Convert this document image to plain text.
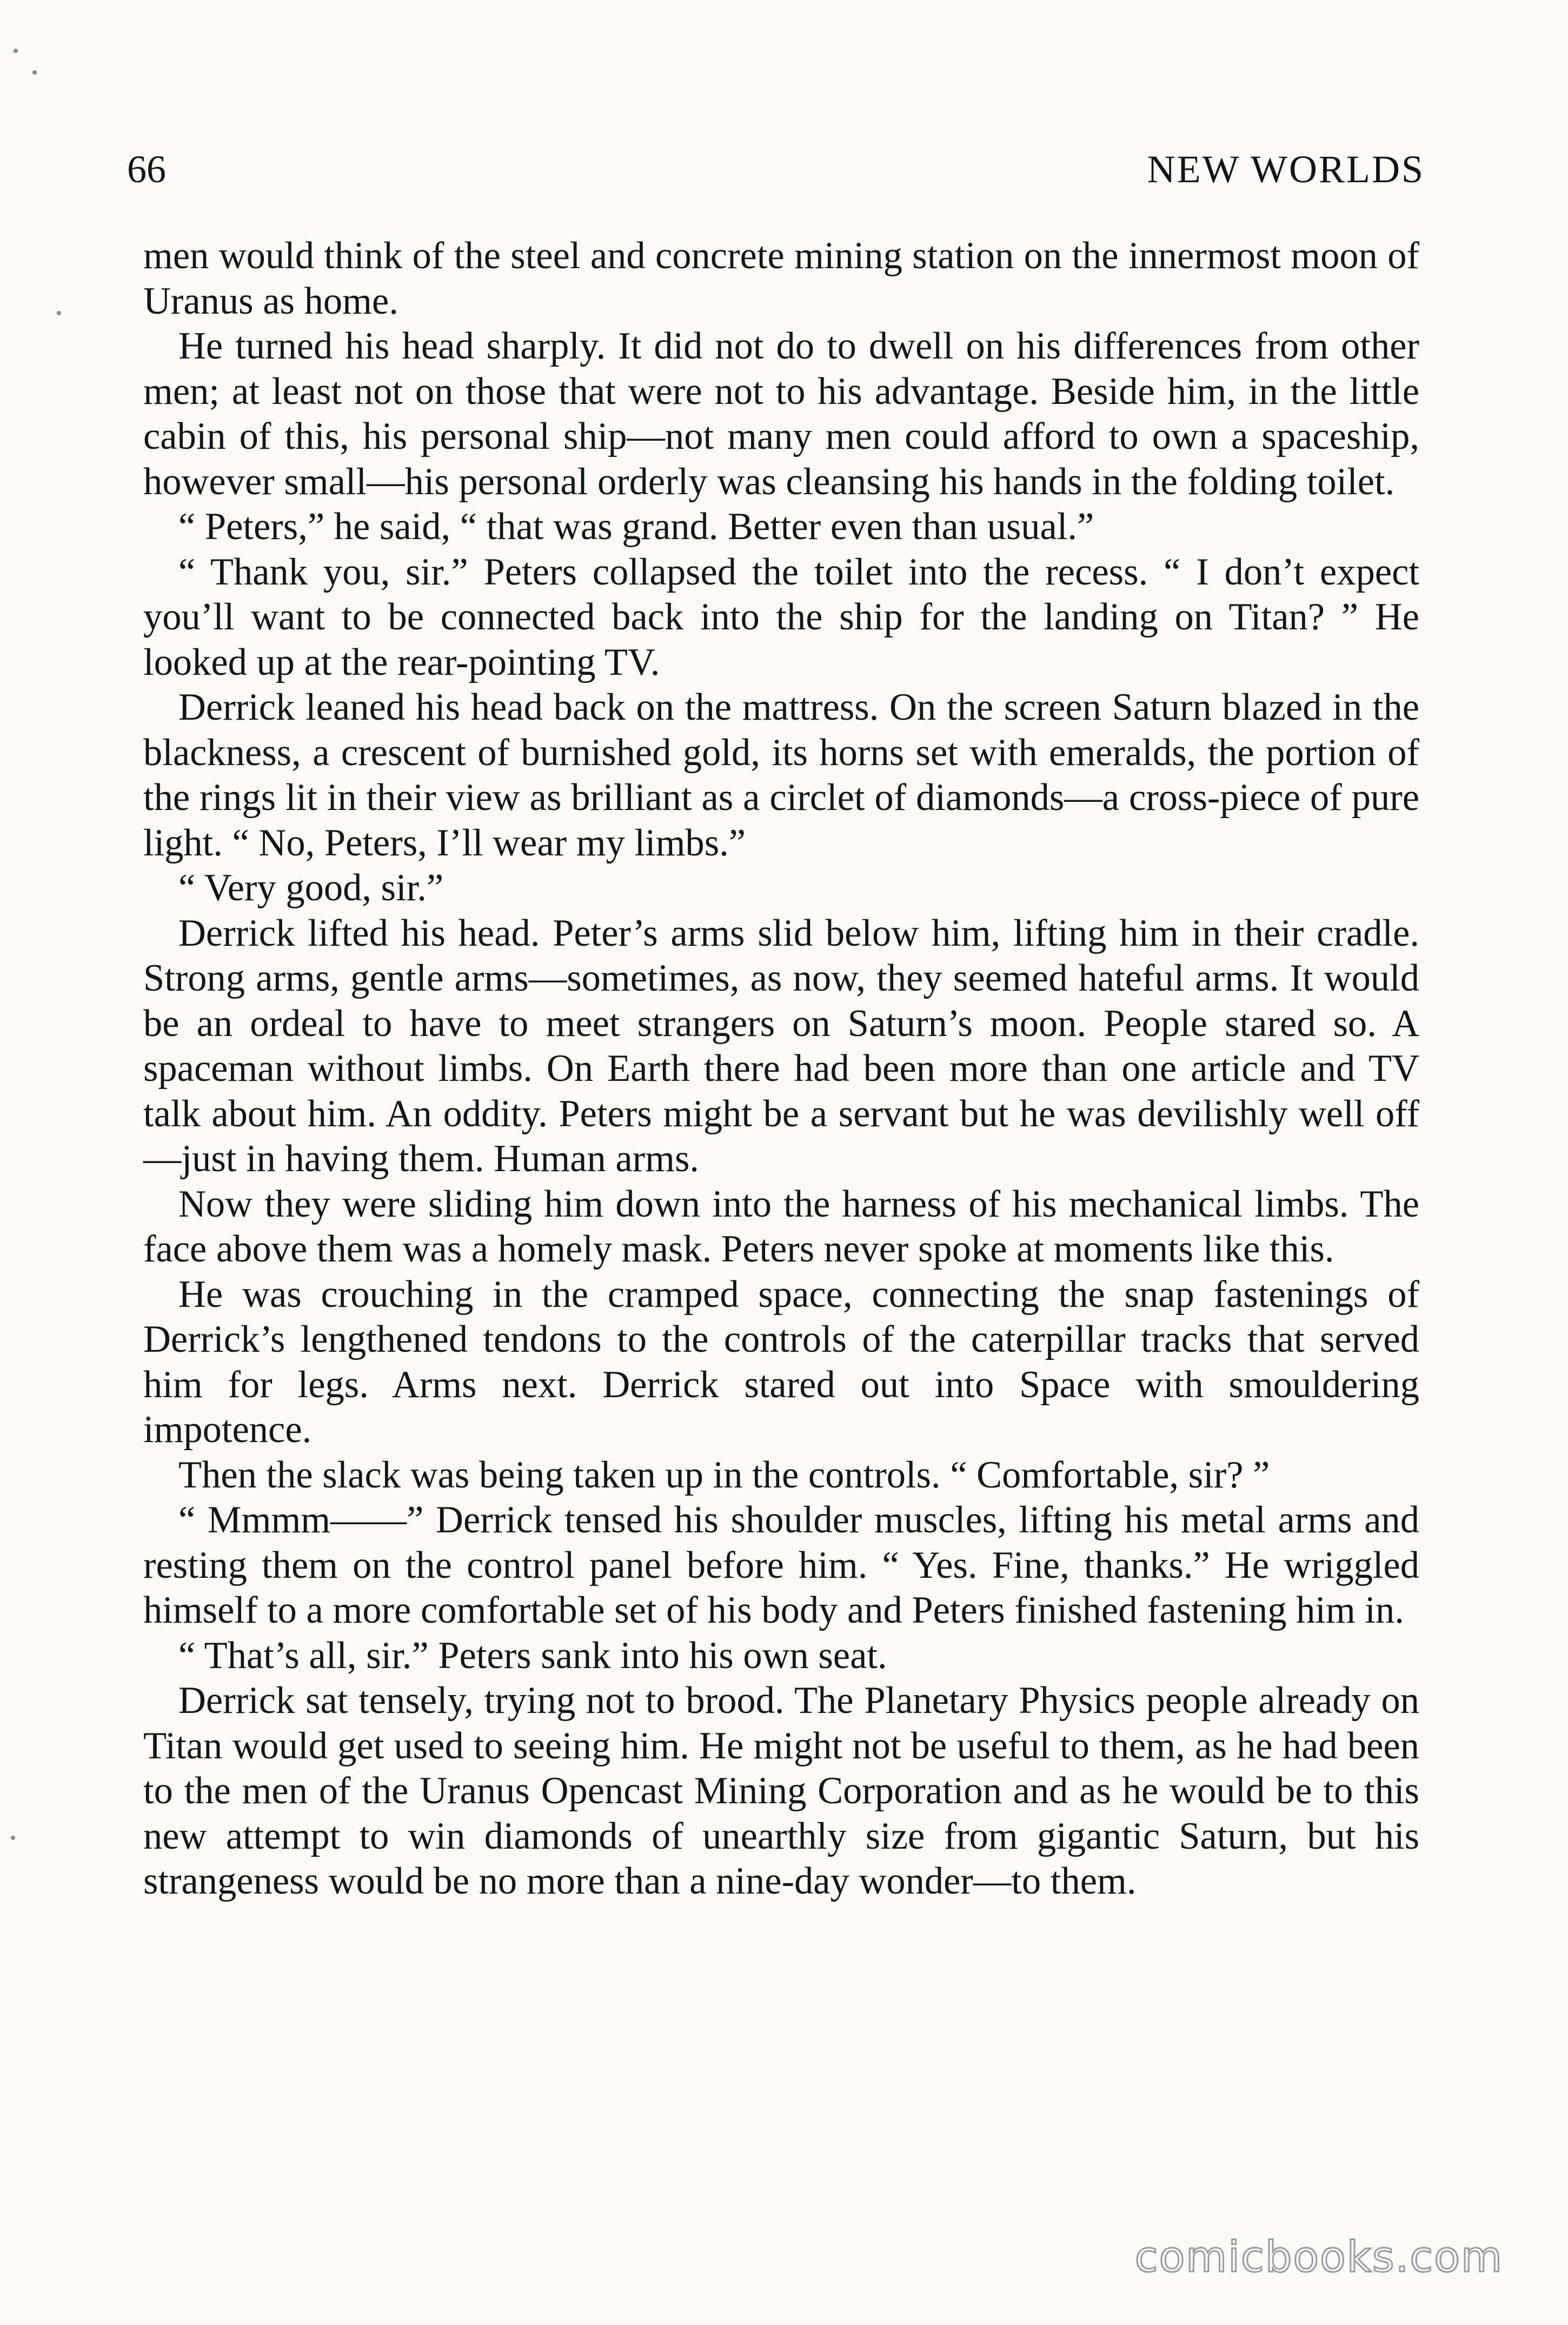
66	NEW WORLDS

men would think of the steel and concrete mining station on the innermost moon of Uranus as home.

He turned his head sharply. It did not do to dwell on his differences from other men; at least not on those that were not to his advantage. Beside him, in the little cabin of this, his personal ship—not many men could afford to own a spaceship, however small—his personal orderly was cleansing his hands in the folding toilet.

“ Peters,” he said, “ that was grand. Better even than usual.”

“ Thank you, sir.” Peters collapsed the toilet into the recess. “ I don’t expect you’ll want to be connected back into the ship for the landing on Titan? ” He looked up at the rear-pointing TV.

Derrick leaned his head back on the mattress. On the screen Saturn blazed in the blackness, a crescent of burnished gold, its horns set with emeralds, the portion of the rings lit in their view as brilliant as a circlet of diamonds—a cross-piece of pure light. “ No, Peters, I’ll wear my limbs.”

“ Very good, sir.”

Derrick lifted his head. Peter’s arms slid below him, lifting him in their cradle. Strong arms, gentle arms—sometimes, as now, they seemed hateful arms. It would be an ordeal to have to meet strangers on Saturn’s moon. People stared so. A spaceman without limbs. On Earth there had been more than one article and TV talk about him. An oddity. Peters might be a servant but he was devilishly well off—just in having them. Human arms.

Now they were sliding him down into the harness of his mechanical limbs. The face above them was a homely mask. Peters never spoke at moments like this.

He was crouching in the cramped space, connecting the snap fastenings of Derrick’s lengthened tendons to the controls of the caterpillar tracks that served him for legs. Arms next. Derrick stared out into Space with smouldering impotence.

Then the slack was being taken up in the controls. “ Comfortable, sir? ”

“ Mmmm——” Derrick tensed his shoulder muscles, lifting his metal arms and resting them on the control panel before him. “ Yes. Fine, thanks.” He wriggled himself to a more comfortable set of his body and Peters finished fastening him in.

“ That’s all, sir.” Peters sank into his own seat.

Derrick sat tensely, trying not to brood. The Planetary Physics people already on Titan would get used to seeing him. He might not be useful to them, as he had been to the men of the Uranus Opencast Mining Corporation and as he would be to this new attempt to win diamonds of unearthly size from gigantic Saturn, but his strangeness would be no more than a nine-day wonder—to them.

comicbooks.com
